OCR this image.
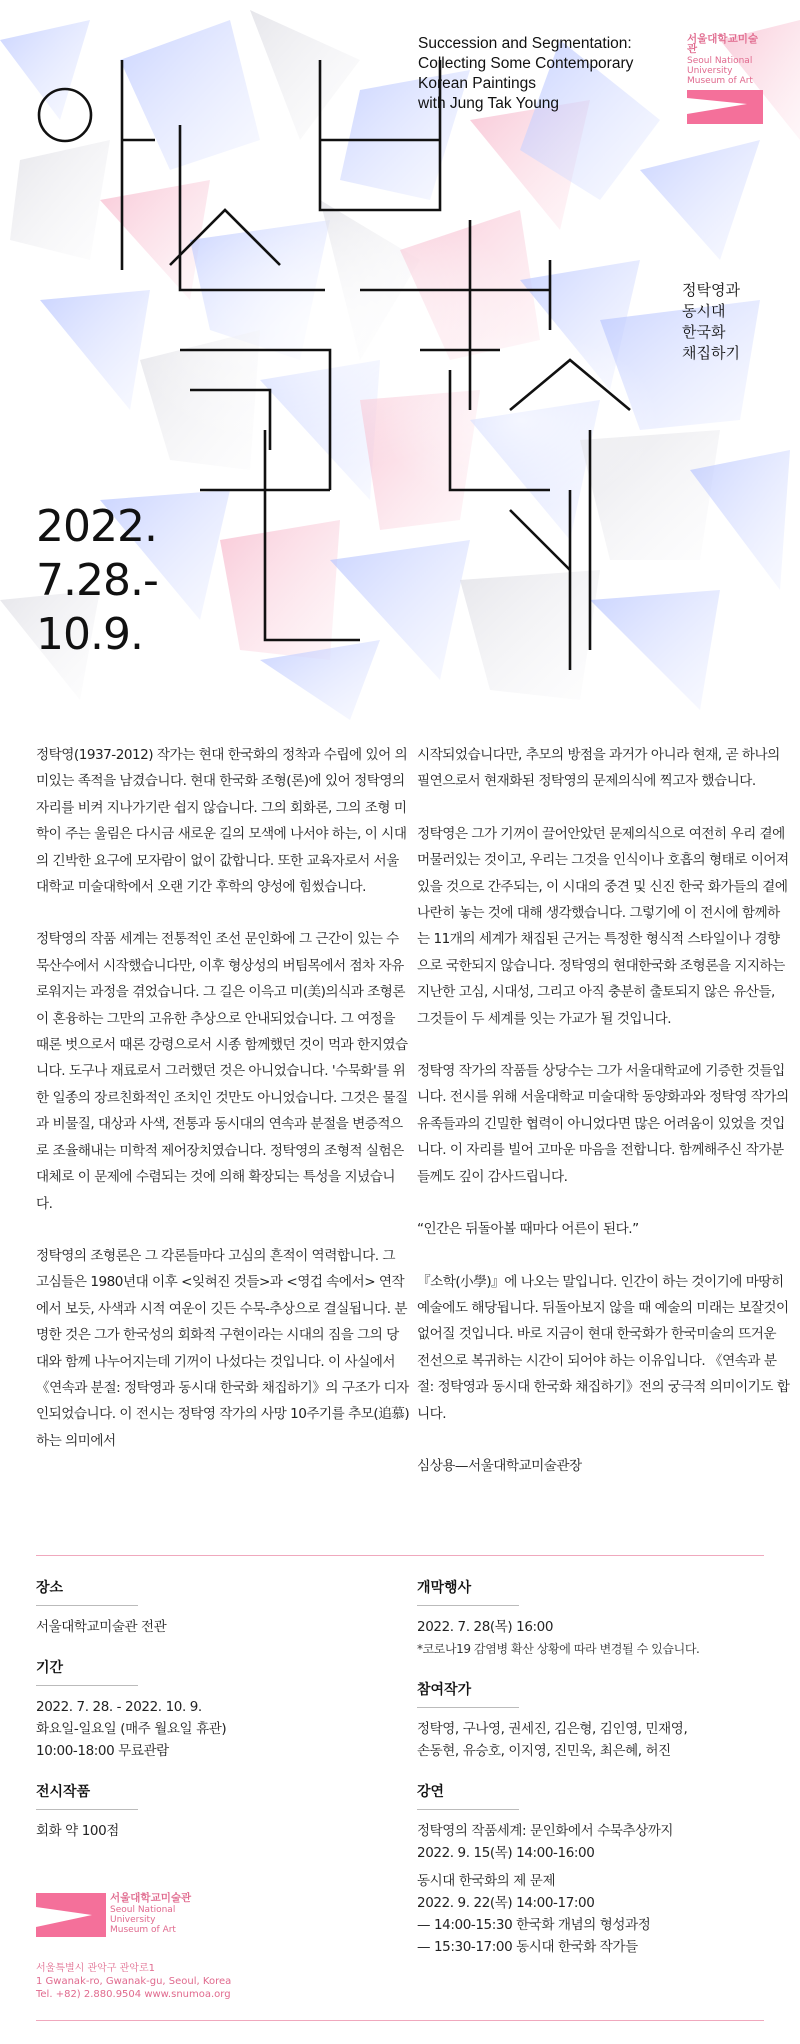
Succession and Segmentation:
Collecting Some Contemporary
Korean Paintings
with Jung Tak Young
서울대학교미술관
Seoul National University
Museum of Art
정탁영과
동시대
한국화
채집하기
2022.
7.28.-
10.9.

정탁영(1937-2012) 작가는 현대 한국화의 정착과 수립에 있어 의미있는 족적을 남겼습니다. 현대 한국화 조형(론)에 있어 정탁영의 자리를 비켜 지나가기란 쉽지 않습니다. 그의 회화론, 그의 조형 미학이 주는 울림은 다시금 새로운 길의 모색에 나서야 하는, 이 시대의 긴박한 요구에 모자람이 없이 값합니다. 또한 교육자로서 서울대학교 미술대학에서 오랜 기간 후학의 양성에 힘썼습니다.

정탁영의 작품 세계는 전통적인 조선 문인화에 그 근간이 있는 수묵산수에서 시작했습니다만, 이후 형상성의 버팀목에서 점차 자유로워지는 과정을 겪었습니다. 그 길은 이윽고 미(美)의식과 조형론이 혼융하는 그만의 고유한 추상으로 안내되었습니다. 그 여정을 때론 벗으로서 때론 강령으로서 시종 함께했던 것이 먹과 한지였습니다. 도구나 재료로서 그러했던 것은 아니었습니다. '수묵화'를 위한 일종의 장르친화적인 조치인 것만도 아니었습니다. 그것은 물질과 비물질, 대상과 사색, 전통과 동시대의 연속과 분절을 변증적으로 조율해내는 미학적 제어장치였습니다. 정탁영의 조형적 실험은 대체로 이 문제에 수렴되는 것에 의해 확장되는 특성을 지녔습니다.

정탁영의 조형론은 그 각론들마다 고심의 흔적이 역력합니다. 그 고심들은 1980년대 이후 <잊혀진 것들>과 <영겁 속에서> 연작에서 보듯, 사색과 시적 여운이 깃든 수묵-추상으로 결실됩니다. 분명한 것은 그가 한국성의 회화적 구현이라는 시대의 짐을 그의 당대와 함께 나누어지는데 기꺼이 나섰다는 것입니다. 이 사실에서 《연속과 분절: 정탁영과 동시대 한국화 채집하기》의 구조가 디자인되었습니다. 이 전시는 정탁영 작가의 사망 10주기를 추모(追慕)하는 의미에서

시작되었습니다만, 추모의 방점을 과거가 아니라 현재, 곧 하나의 필연으로서 현재화된 정탁영의 문제의식에 찍고자 했습니다.

정탁영은 그가 기꺼이 끌어안았던 문제의식으로 여전히 우리 곁에 머물러있는 것이고, 우리는 그것을 인식이나 호흡의 형태로 이어져 있을 것으로 간주되는, 이 시대의 중견 및 신진 한국 화가들의 곁에 나란히 놓는 것에 대해 생각했습니다. 그렇기에 이 전시에 함께하는 11개의 세계가 채집된 근거는 특정한 형식적 스타일이나 경향으로 국한되지 않습니다. 정탁영의 현대한국화 조형론을 지지하는 지난한 고심, 시대성, 그리고 아직 충분히 출토되지 않은 유산들, 그것들이 두 세계를 잇는 가교가 될 것입니다.

정탁영 작가의 작품들 상당수는 그가 서울대학교에 기증한 것들입니다. 전시를 위해 서울대학교 미술대학 동양화과와 정탁영 작가의 유족들과의 긴밀한 협력이 아니었다면 많은 어려움이 있었을 것입니다. 이 자리를 빌어 고마운 마음을 전합니다. 함께해주신 작가분들께도 깊이 감사드립니다.

“인간은 뒤돌아볼 때마다 어른이 된다.”

『소학(小學)』에 나오는 말입니다. 인간이 하는 것이기에 마땅히 예술에도 해당됩니다. 뒤돌아보지 않을 때 예술의 미래는 보잘것이 없어질 것입니다. 바로 지금이 현대 한국화가 한국미술의 뜨거운 전선으로 복귀하는 시간이 되어야 하는 이유입니다. 《연속과 분절: 정탁영과 동시대 한국화 채집하기》전의 궁극적 의미이기도 합니다.

심상용—서울대학교미술관장

장소
서울대학교미술관 전관
기간
2022. 7. 28. - 2022. 10. 9.
화요일-일요일 (매주 월요일 휴관)
10:00-18:00 무료관람
전시작품
회화 약 100점
개막행사
2022. 7. 28(목) 16:00
*코로나19 감염병 확산 상황에 따라 변경될 수 있습니다.
참여작가
정탁영, 구나영, 권세진, 김은형, 김인영, 민재영,
손동현, 유승호, 이지영, 진민욱, 최은혜, 허진
강연
정탁영의 작품세계: 문인화에서 수묵추상까지
2022. 9. 15(목) 14:00-16:00
동시대 한국화의 제 문제
2022. 9. 22(목) 14:00-17:00
— 14:00-15:30 한국화 개념의 형성과정
— 15:30-17:00 동시대 한국화 작가들
서울대학교미술관
Seoul National University
Museum of Art
서울특별시 관악구 관악로1
1 Gwanak-ro, Gwanak-gu, Seoul, Korea
Tel. +82) 2.880.9504 www.snumoa.org
